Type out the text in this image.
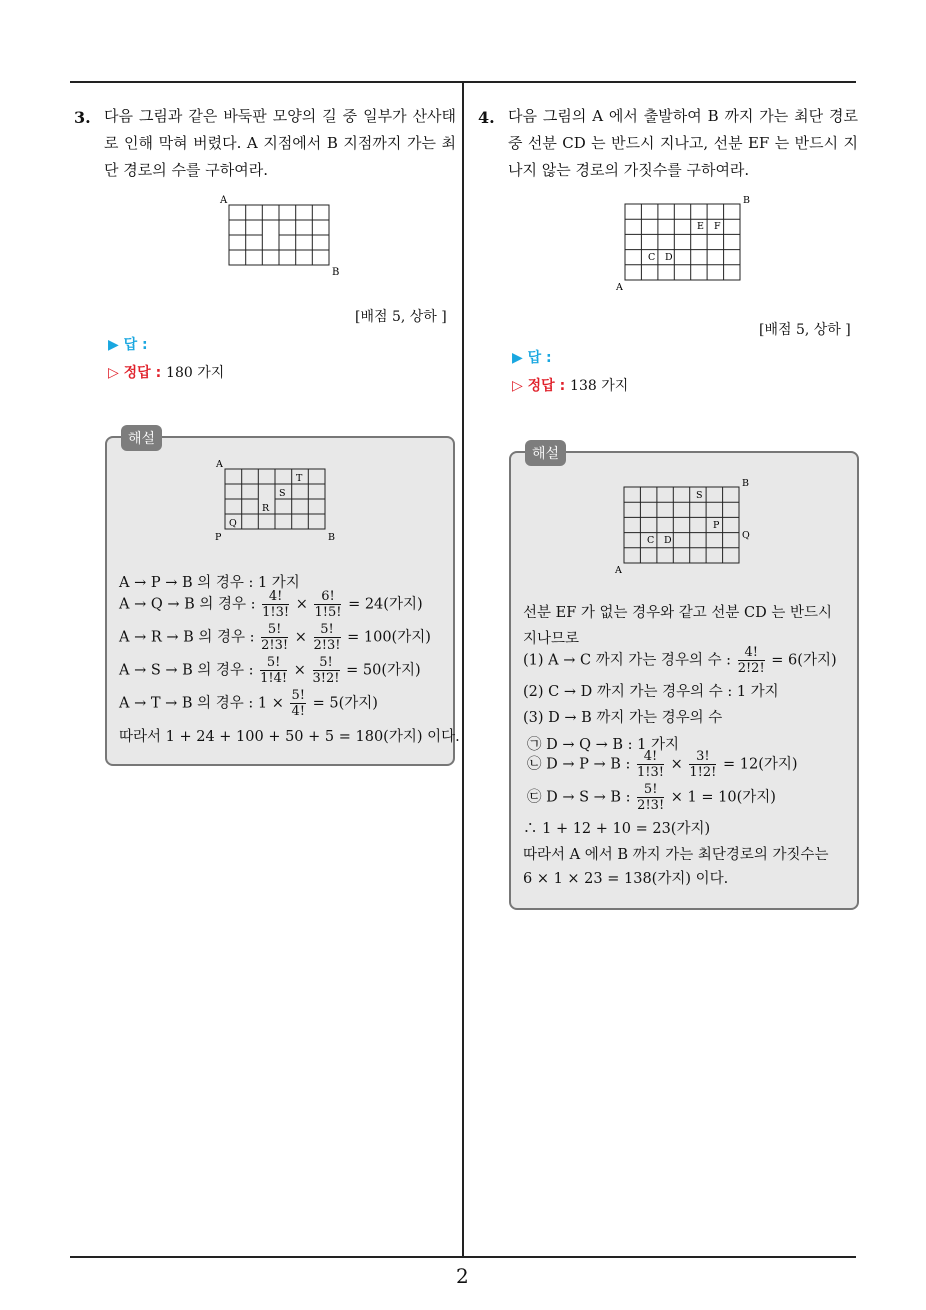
3. 다음 그림과 같은 바둑판 모양의 길 중 일부가 산사태로 인해 막혀 버렸다. A 지점에서 B 지점까지 가는 최단 경로의 수를 구하여라.
A
B
[배점 5, 상하 ]
▶ 답 :
▷ 정답 : 180 가지
A
P	B
T
S
R
Q
A → P → B 의 경우 : 1 가지
A → Q → B 의 경우 : $\frac{4!}{1!3!} \times \frac{6!}{1!5!} = 24$(가지)
A → R → B 의 경우 : $\frac{5!}{2!3!} \times \frac{5!}{2!3!} = 100$(가지)
A → S → B 의 경우 : $\frac{5!}{1!4!} \times \frac{5!}{3!2!} = 50$(가지)
A → T → B 의 경우 : $1 \times \frac{5!}{4!} = 5$(가지)
따라서 1 + 24 + 100 + 50 + 5 = 180(가지) 이다.
해설
4. 다음 그림의 A 에서 출발하여 B 까지 가는 최단 경로 중 선분 CD 는 반드시 지나고, 선분 EF 는 반드시 지나지 않는 경로의 가짓수를 구하여라.
B
A
C D
E F
[배점 5, 상하 ]
▶ 답 :
▷ 정답 : 138 가지
B
A
C D
S
P
Q
선분 EF 가 없는 경우와 같고 선분 CD 는 반드시
지나므로
(1) A → C 까지 가는 경우의 수 : $\frac{4!}{2!2!} = 6$(가지)
(2) C → D 까지 가는 경우의 수 : 1 가지
(3) D → B 까지 가는 경우의 수
㉠ D → Q → B : 1 가지
㉡ D → P → B : $\frac{4!}{1!3!} \times \frac{3!}{1!2!} = 12$(가지)
㉢ D → S → B : $\frac{5!}{2!3!} \times 1 = 10$(가지)
∴ 1 + 12 + 10 = 23(가지)
따라서 A 에서 B 까지 가는 최단경로의 가짓수는
6 × 1 × 23 = 138(가지) 이다.
해설
2
